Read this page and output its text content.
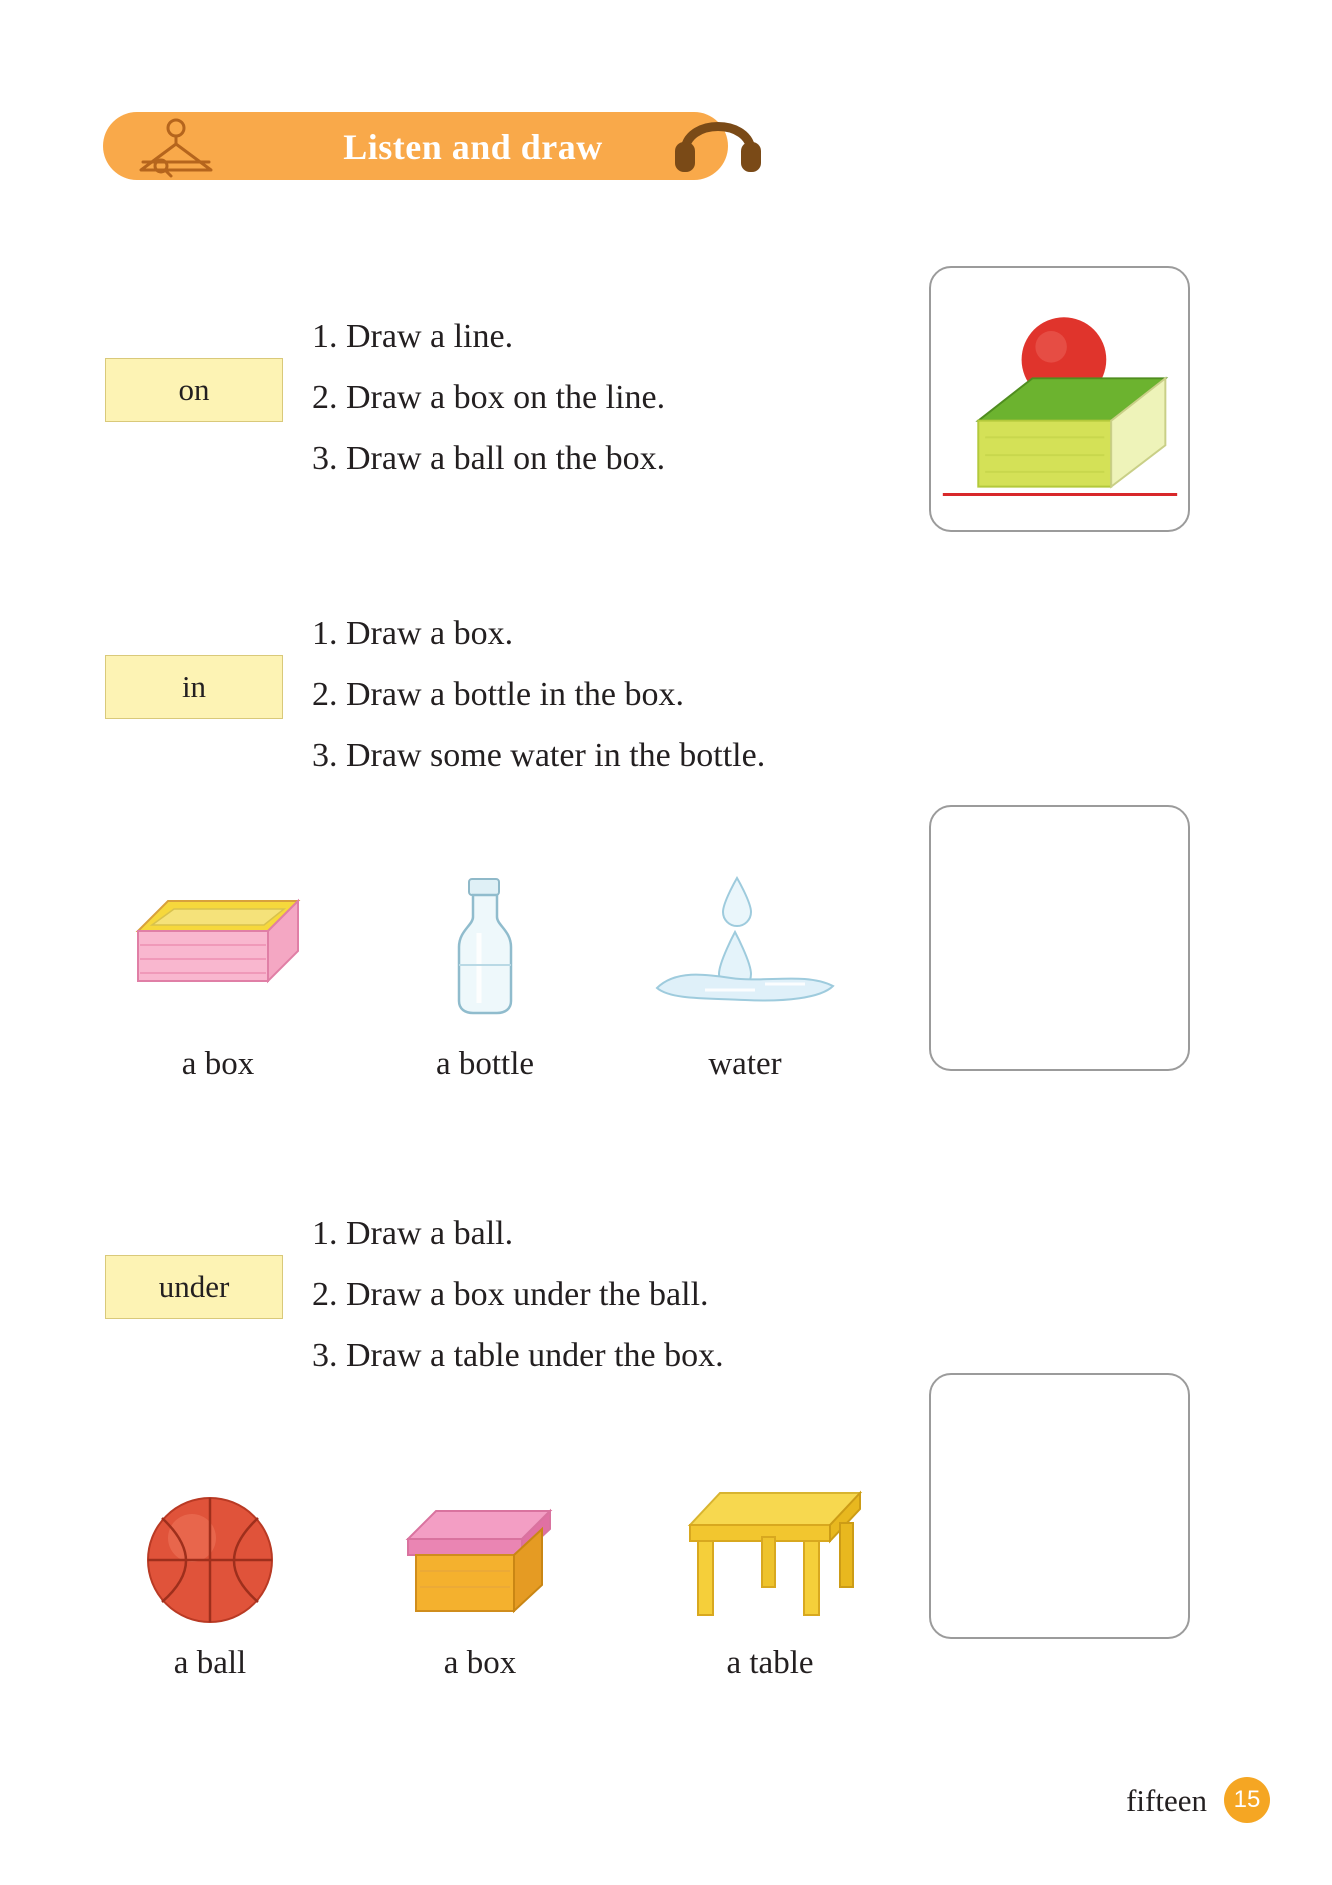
Listen and draw
on
1. Draw a line.
2. Draw a box on the line.
3. Draw a ball on the box.
in
1. Draw a box.
2. Draw a bottle in the box.
3. Draw some water in the bottle.
a box	a bottle	water
under
1. Draw a ball.
2. Draw a box under the ball.
3. Draw a table under the box.
a ball	a box	a table
fifteen	15
